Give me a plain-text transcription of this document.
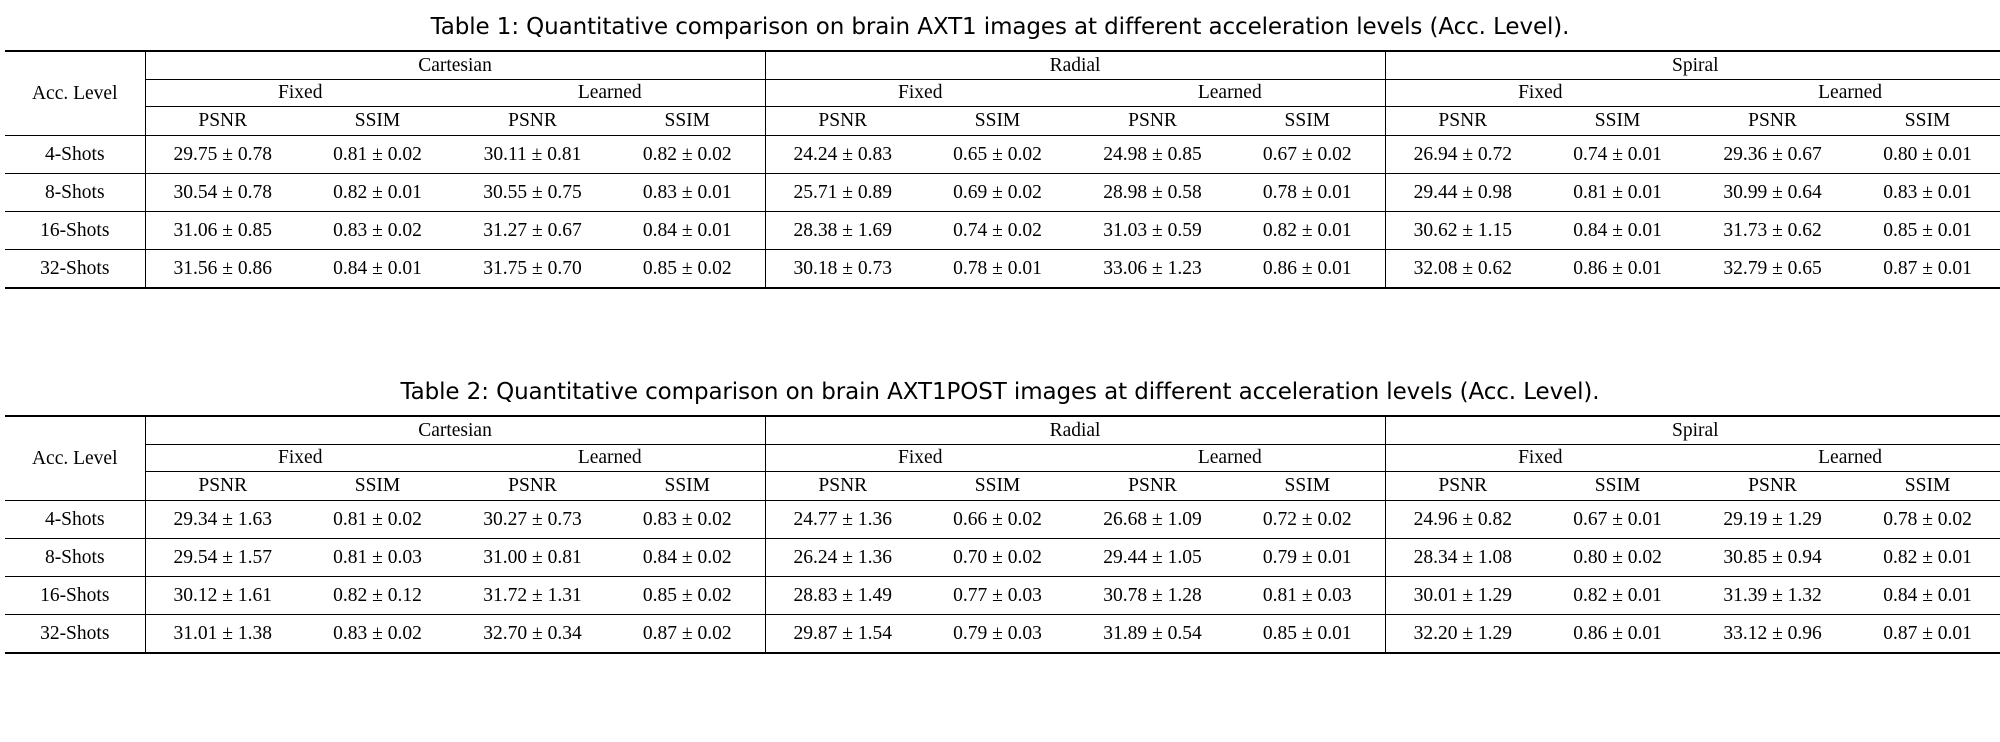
Table 1: Quantitative comparison on brain AXT1 images at different acceleration levels (Acc. Level).
Acc. Level	Cartesian				Radial				Spiral			
	Fixed		Learned		Fixed		Learned		Fixed		Learned	
	PSNR	SSIM	PSNR	SSIM	PSNR	SSIM	PSNR	SSIM	PSNR	SSIM	PSNR	SSIM
4-Shots	29.75 ± 0.78	0.81 ± 0.02	30.11 ± 0.81	0.82 ± 0.02	24.24 ± 0.83	0.65 ± 0.02	24.98 ± 0.85	0.67 ± 0.02	26.94 ± 0.72	0.74 ± 0.01	29.36 ± 0.67	0.80 ± 0.01
8-Shots	30.54 ± 0.78	0.82 ± 0.01	30.55 ± 0.75	0.83 ± 0.01	25.71 ± 0.89	0.69 ± 0.02	28.98 ± 0.58	0.78 ± 0.01	29.44 ± 0.98	0.81 ± 0.01	30.99 ± 0.64	0.83 ± 0.01
16-Shots	31.06 ± 0.85	0.83 ± 0.02	31.27 ± 0.67	0.84 ± 0.01	28.38 ± 1.69	0.74 ± 0.02	31.03 ± 0.59	0.82 ± 0.01	30.62 ± 1.15	0.84 ± 0.01	31.73 ± 0.62	0.85 ± 0.01
32-Shots	31.56 ± 0.86	0.84 ± 0.01	31.75 ± 0.70	0.85 ± 0.02	30.18 ± 0.73	0.78 ± 0.01	33.06 ± 1.23	0.86 ± 0.01	32.08 ± 0.62	0.86 ± 0.01	32.79 ± 0.65	0.87 ± 0.01
Table 2: Quantitative comparison on brain AXT1POST images at different acceleration levels (Acc. Level).
Acc. Level	Cartesian				Radial				Spiral			
	Fixed		Learned		Fixed		Learned		Fixed		Learned	
	PSNR	SSIM	PSNR	SSIM	PSNR	SSIM	PSNR	SSIM	PSNR	SSIM	PSNR	SSIM
4-Shots	29.34 ± 1.63	0.81 ± 0.02	30.27 ± 0.73	0.83 ± 0.02	24.77 ± 1.36	0.66 ± 0.02	26.68 ± 1.09	0.72 ± 0.02	24.96 ± 0.82	0.67 ± 0.01	29.19 ± 1.29	0.78 ± 0.02
8-Shots	29.54 ± 1.57	0.81 ± 0.03	31.00 ± 0.81	0.84 ± 0.02	26.24 ± 1.36	0.70 ± 0.02	29.44 ± 1.05	0.79 ± 0.01	28.34 ± 1.08	0.80 ± 0.02	30.85 ± 0.94	0.82 ± 0.01
16-Shots	30.12 ± 1.61	0.82 ± 0.12	31.72 ± 1.31	0.85 ± 0.02	28.83 ± 1.49	0.77 ± 0.03	30.78 ± 1.28	0.81 ± 0.03	30.01 ± 1.29	0.82 ± 0.01	31.39 ± 1.32	0.84 ± 0.01
32-Shots	31.01 ± 1.38	0.83 ± 0.02	32.70 ± 0.34	0.87 ± 0.02	29.87 ± 1.54	0.79 ± 0.03	31.89 ± 0.54	0.85 ± 0.01	32.20 ± 1.29	0.86 ± 0.01	33.12 ± 0.96	0.87 ± 0.01
